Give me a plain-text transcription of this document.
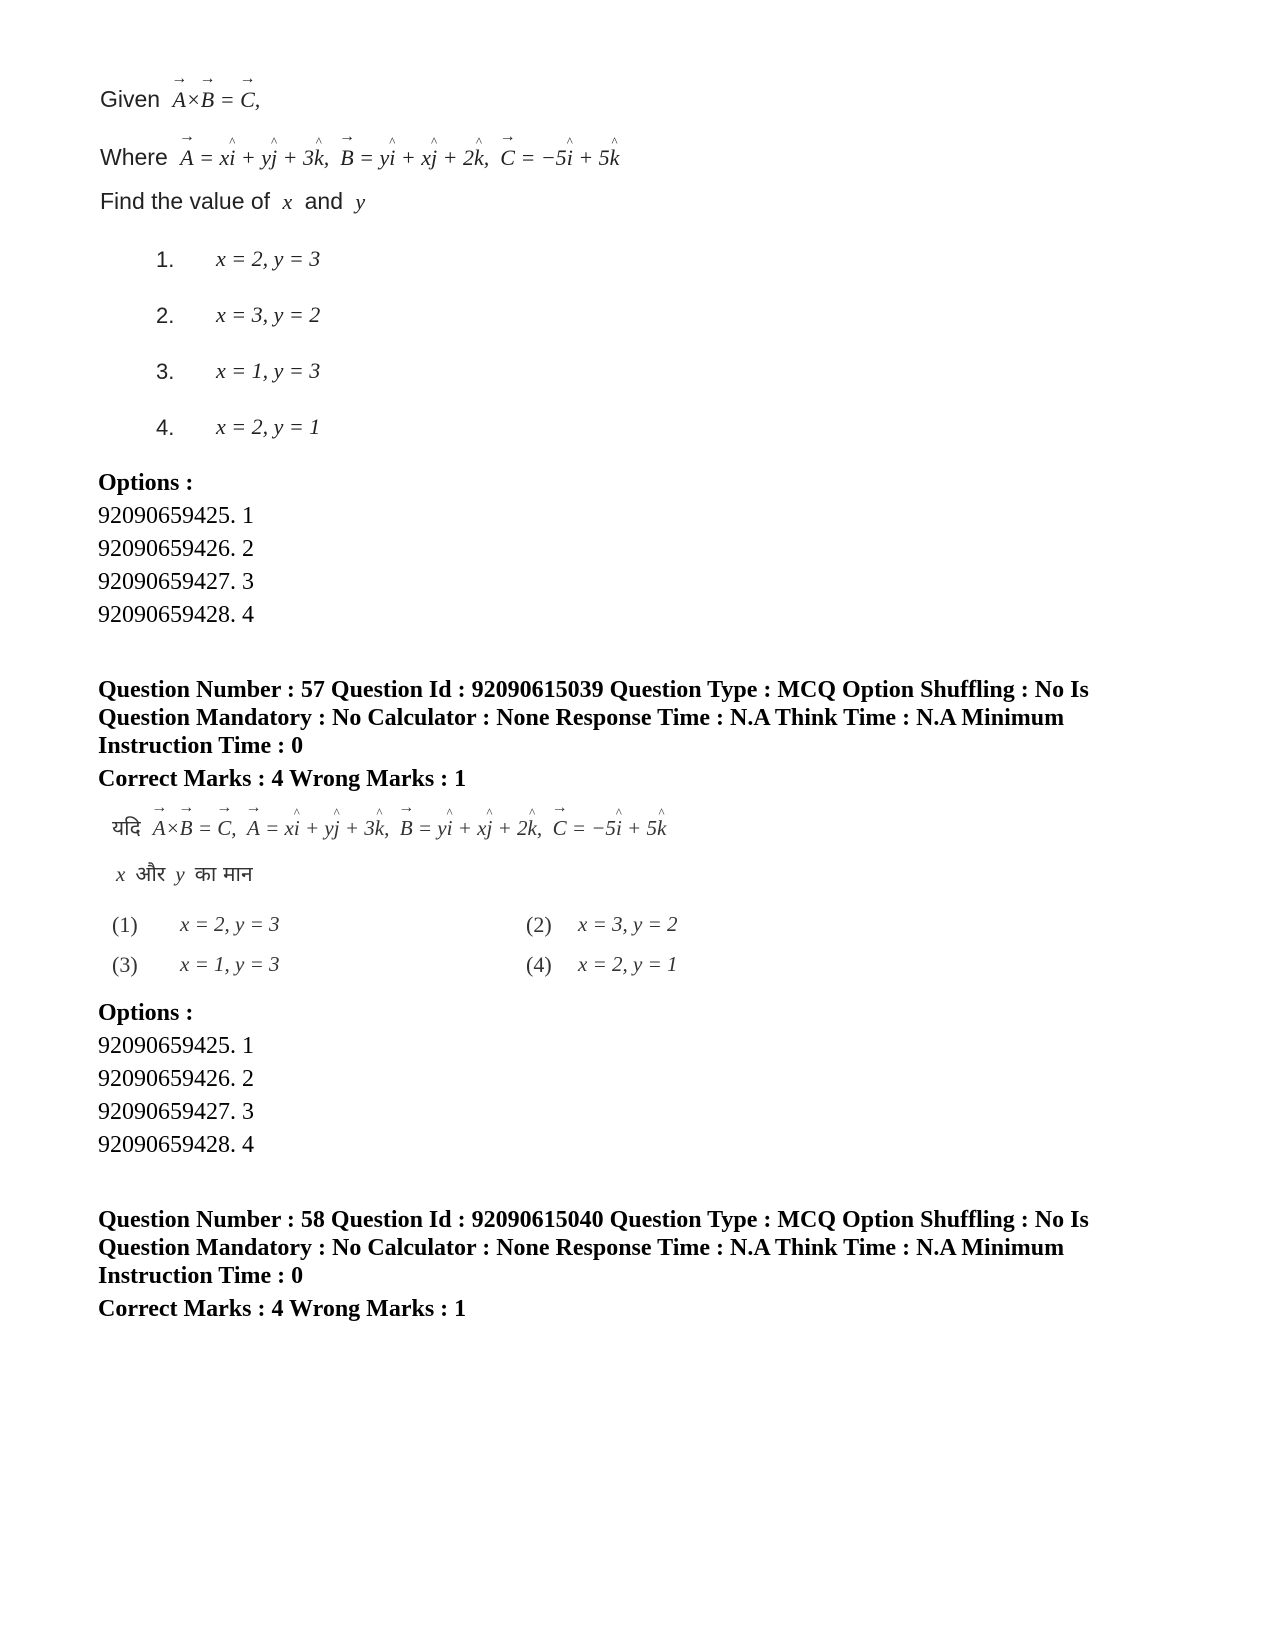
Given → A×→ B = → C,
Where → A = xi ^ + yj ^ + 3k ^,  → B = yi ^ + xj ^ + 2k ^,  → C = −5i ^ + 5k ^
Find the value of x and y
1. x = 2, y = 3
2. x = 3, y = 2
3. x = 1, y = 3
4. x = 2, y = 1
Options :
92090659425. 1
92090659426. 2
92090659427. 3
92090659428. 4
Question Number : 57 Question Id : 92090615039 Question Type : MCQ Option Shuffling : No Is
Question Mandatory : No Calculator : None Response Time : N.A Think Time : N.A Minimum
Instruction Time : 0
Correct Marks : 4 Wrong Marks : 1
यदि → A×→ B = → C,  → A = xi ^ + yj ^ + 3k ^,  → B = yi ^ + xj ^ + 2k ^,  → C = −5i ^ + 5k ^
x और y का मान
(1) x = 2, y = 3	(2) x = 3, y = 2
(3) x = 1, y = 3	(4) x = 2, y = 1
Options :
92090659425. 1
92090659426. 2
92090659427. 3
92090659428. 4
Question Number : 58 Question Id : 92090615040 Question Type : MCQ Option Shuffling : No Is
Question Mandatory : No Calculator : None Response Time : N.A Think Time : N.A Minimum
Instruction Time : 0
Correct Marks : 4 Wrong Marks : 1
